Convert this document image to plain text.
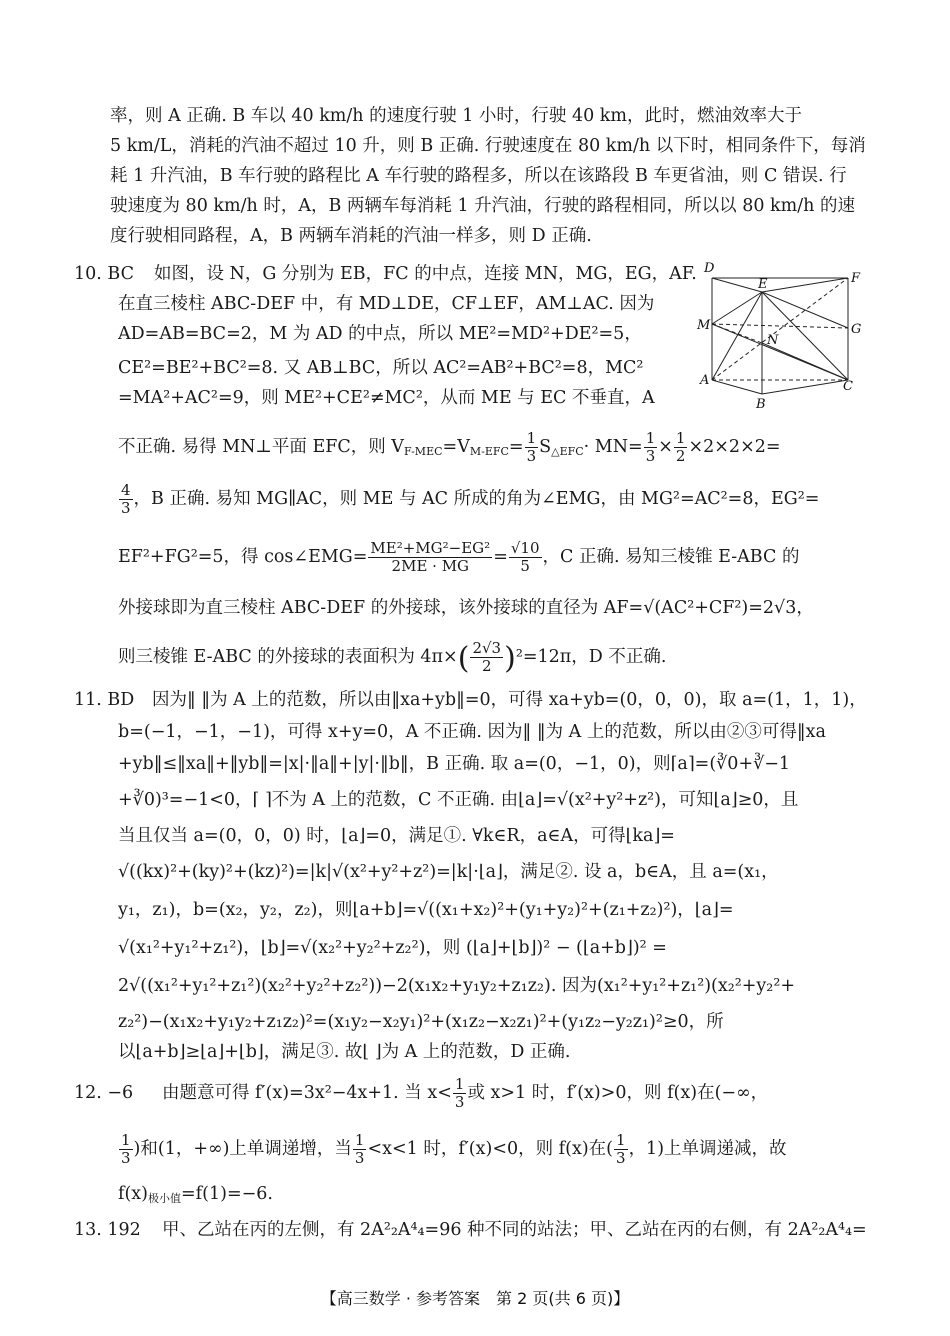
率，则 A 正确. B 车以 40 km/h 的速度行驶 1 小时，行驶 40 km，此时，燃油效率大于
5 km/L，消耗的汽油不超过 10 升，则 B 正确. 行驶速度在 80 km/h 以下时，相同条件下，每消
耗 1 升汽油，B 车行驶的路程比 A 车行驶的路程多，所以在该路段 B 车更省油，则 C 错误. 行
驶速度为 80 km/h 时，A，B 两辆车每消耗 1 升汽油，行驶的路程相同，所以以 80 km/h 的速
度行驶相同路程，A，B 两辆车消耗的汽油一样多，则 D 正确.
10. BC 如图，设 N，G 分别为 EB，FC 的中点，连接 MN，MG，EG，AF.
在直三棱柱 ABC-DEF 中，有 MD⊥DE，CF⊥EF，AM⊥AC. 因为
AD=AB=BC=2，M 为 AD 的中点，所以 ME²=MD²+DE²=5，
CE²=BE²+BC²=8. 又 AB⊥BC，所以 AC²=AB²+BC²=8，MC²
=MA²+AC²=9，则 ME²+CE²≠MC²，从而 ME 与 EC 不垂直，A
不正确. 易得 MN⊥平面 EFC，则 $V_{F-MEC}=V_{M-EFC}= \frac{1}{3} S_{\triangle EFC}\cdot MN= \frac{1}{3} \times \frac{1}{2} \times 2\times 2\times 2=$
$\frac{4}{3}$ ，B 正确. 易知 MG∥AC，则 ME 与 AC 所成的角为∠EMG，由 MG²=AC²=8，EG²=
EF²+FG²=5，得 cos∠EMG= $\frac{\text{ME²+MG²−EG²}}{2ME \cdot MG} = \frac{√10}{5}$ ，C 正确. 易知三棱锥 E-ABC 的
外接球即为直三棱柱 ABC-DEF 的外接球，该外接球的直径为 AF=√(AC²+CF²)=2√3，
则三棱锥 E-ABC 的外接球的表面积为 $4\pi\times( \frac{2√3}{2} )^2=12\pi$，D 不正确.
D
E	F
M	G
N
A	C
B
11. BD 因为‖ ‖为 A 上的范数，所以由‖xa+yb‖=0，可得 xa+yb=(0，0，0)，取 a=(1，1，1)，
b=(−1，−1，−1)，可得 x+y=0，A 不正确. 因为‖ ‖为 A 上的范数，所以由②③可得‖xa
+yb‖≤‖xa‖+‖yb‖=|x|·‖a‖+|y|·‖b‖，B 正确. 取 a=(0，−1，0)，则⌈a⌉=(∛0+∛−1
+∛0)³=−1<0，⌈ ⌉不为 A 上的范数，C 不正确. 由⌊a⌋=√(x²+y²+z²)，可知⌊a⌋≥0，且
当且仅当 a=(0，0，0) 时，⌊a⌋=0，满足①. ∀k∈R，a∈A，可得⌊ka⌋=
√((kx)²+(ky)²+(kz)²)=|k|√(x²+y²+z²)=|k|·⌊a⌋，满足②. 设 a，b∈A，且 a=(x₁，
y₁，z₁)，b=(x₂，y₂，z₂)，则⌊a+b⌋=√((x₁+x₂)²+(y₁+y₂)²+(z₁+z₂)²)，⌊a⌋=
√(x₁²+y₁²+z₁²)，⌊b⌋=√(x₂²+y₂²+z₂²)，则 (⌊a⌋+⌊b⌋)² − (⌊a+b⌋)² =
2√((x₁²+y₁²+z₁²)(x₂²+y₂²+z₂²))−2(x₁x₂+y₁y₂+z₁z₂). 因为(x₁²+y₁²+z₁²)(x₂²+y₂²+
z₂²)−(x₁x₂+y₁y₂+z₁z₂)²=(x₁y₂−x₂y₁)²+(x₁z₂−x₂z₁)²+(y₁z₂−y₂z₁)²≥0，所
以⌊a+b⌋≥⌊a⌋+⌊b⌋，满足③. 故⌊ ⌋为 A 上的范数，D 正确.
12. −6 由题意可得 f′(x)=3x²−4x+1. 当 $x< \frac{1}{3}$ 或 x>1 时，f′(x)>0，则 f(x)在(−∞，
$\frac{1}{3}$ )和(1，+∞)上单调递增，当 $\frac{1}{3} <x<1$ 时，f′(x)<0，则 f(x)在( $\frac{1}{3}$ ，1)上单调递减，故
$f(x)_{极小值}=f(1)=-6$.
13. 192 甲、乙站在丙的左侧，有 2A²₂A⁴₄=96 种不同的站法；甲、乙站在丙的右侧，有 2A²₂A⁴₄=
【高三数学 · 参考答案　第 2 页(共 6 页)】
